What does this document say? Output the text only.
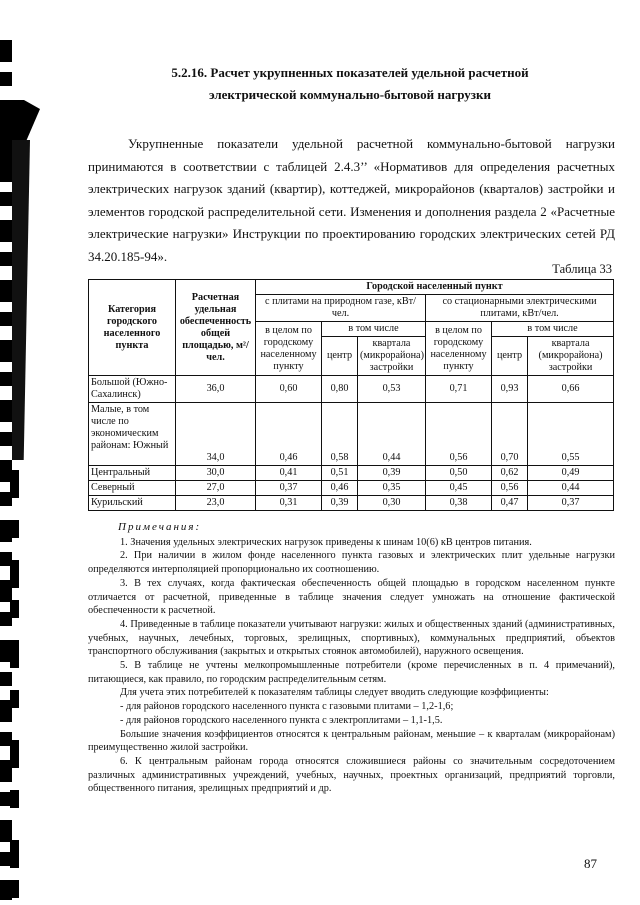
5.2.16. Расчет укрупненных показателей удельной расчетной
электрической коммунально-бытовой нагрузки

Укрупненные показатели удельной расчетной коммунально-бытовой нагрузки принимаются в соответствии с таблицей 2.4.3’’ «Нормативов для определения расчетных электрических нагрузок зданий (квартир), коттеджей, микрорайонов (кварталов) застройки и элементов городской распределительной сети. Изменения и дополнения раздела 2 «Расчетные электрические нагрузки» Инструкции по проектированию городских электрических сетей РД 34.20.185-94».

Таблица 33
Категория городского населенного пункта	Расчетная удельная обеспеченность общей площадью, м²/чел.	Городской населенный пункт					
		с плитами на природном газе, кВт/чел.			со стационарными электрическими плитами, кВт/чел.		
		в целом по городскому населенному пункту	в том числе		в целом по городскому населенному пункту	в том числе	
			центр	квартала (микрорайона) застройки		центр	квартала (микрорайона) застройки
Большой (Южно-Сахалинск)	36,0	0,60	0,80	0,53	0,71	0,93	0,66
Малые, в том числе по экономическим районам: Южный	34,0	0,46	0,58	0,44	0,56	0,70	0,55
Центральный	30,0	0,41	0,51	0,39	0,50	0,62	0,49
Северный	27,0	0,37	0,46	0,35	0,45	0,56	0,44
Курильский	23,0	0,31	0,39	0,30	0,38	0,47	0,37

Примечания:

1. Значения удельных электрических нагрузок приведены к шинам 10(6) кВ центров питания.

2. При наличии в жилом фонде населенного пункта газовых и электрических плит удельные нагрузки определяются интерполяцией пропорционально их соотношению.

3. В тех случаях, когда фактическая обеспеченность общей площадью в городском населенном пункте отличается от расчетной, приведенные в таблице значения следует умножать на отношение фактической обеспеченности к расчетной.

4. Приведенные в таблице показатели учитывают нагрузки: жилых и общественных зданий (административных, учебных, научных, лечебных, торговых, зрелищных, спортивных), коммунальных предприятий, объектов транспортного обслуживания (закрытых и открытых стоянок автомобилей), наружного освещения.

5. В таблице не учтены мелкопромышленные потребители (кроме перечисленных в п. 4 примечаний), питающиеся, как правило, по городским распределительным сетям.

Для учета этих потребителей к показателям таблицы следует вводить следующие коэффициенты:

- для районов городского населенного пункта с газовыми плитами – 1,2-1,6;

- для районов городского населенного пункта с электроплитами – 1,1-1,5.

Большие значения коэффициентов относятся к центральным районам, меньшие – к кварталам (микрорайонам) преимущественно жилой застройки.

6. К центральным районам города относятся сложившиеся районы со значительным сосредоточением различных административных учреждений, учебных, научных, проектных организаций, предприятий торговли, общественного питания, зрелищных предприятий и др.

87
